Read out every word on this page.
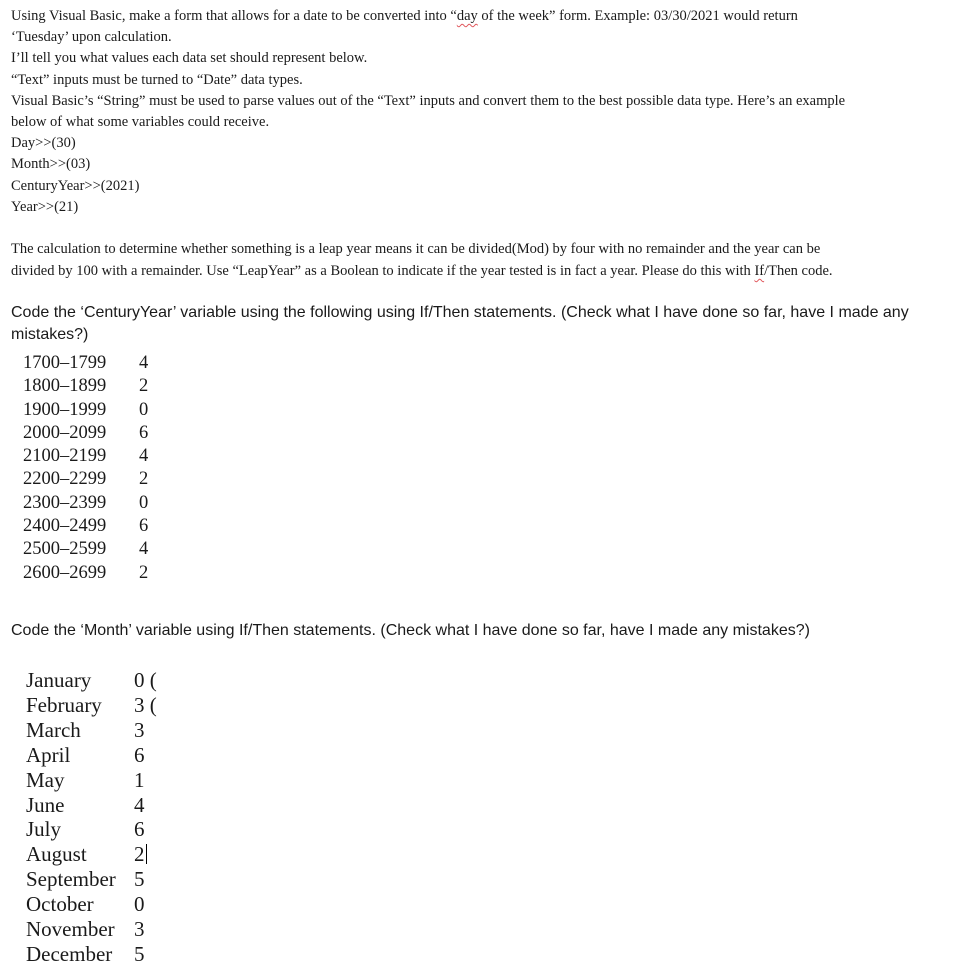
Using Visual Basic, make a form that allows for a date to be converted into “day of the week” form. Example: 03/30/2021 would return
‘Tuesday’ upon calculation.
I’ll tell you what values each data set should represent below.
“Text” inputs must be turned to “Date” data types.
Visual Basic’s “String” must be used to parse values out of the “Text” inputs and convert them to the best possible data type. Here’s an example
below of what some variables could receive.
Day>>(30)
Month>>(03)
CenturyYear>>(2021)
Year>>(21)
The calculation to determine whether something is a leap year means it can be divided(Mod) by four with no remainder and the year can be
divided by 100 with a remainder. Use “LeapYear” as a Boolean to indicate if the year tested is in fact a year. Please do this with If/Then code.
Code the ‘CenturyYear’ variable using the following using If/Then statements. (Check what I have done so far, have I made any mistakes?)
1700–1799	4
1800–1899	2
1900–1999	0
2000–2099	6
2100–2199	4
2200–2299	2
2300–2399	0
2400–2499	6
2500–2599	4
2600–2699	2
Code the ‘Month’ variable using If/Then statements. (Check what I have done so far, have I made any mistakes?)
January	0 (
February	3 (
March	3
April	6
May	1
June	4
July	6
August	2
September	5
October	0
November	3
December	5
